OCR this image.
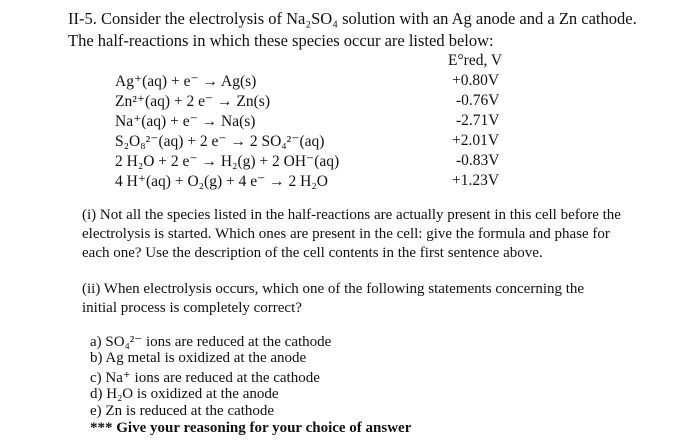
II-5. Consider the electrolysis of Na₂SO₄ solution with an Ag anode and a Zn cathode.
The half-reactions in which these species occur are listed below:
E°red, V
Ag⁺(aq) + e⁻ → Ag(s)	+0.80V
Zn²⁺(aq) + 2 e⁻ → Zn(s)	-0.76V
Na⁺(aq) + e⁻ → Na(s)	-2.71V
S₂O₈²⁻(aq) + 2 e⁻ → 2 SO₄²⁻(aq)	+2.01V
2 H₂O + 2 e⁻ → H₂(g) + 2 OH⁻(aq)	-0.83V
4 H⁺(aq) + O₂(g) + 4 e⁻ → 2 H₂O	+1.23V
(i) Not all the species listed in the half-reactions are actually present in this cell before the
electrolysis is started. Which ones are present in the cell: give the formula and phase for
each one? Use the description of the cell contents in the first sentence above.
(ii) When electrolysis occurs, which one of the following statements concerning the
initial process is completely correct?
a) SO₄²⁻ ions are reduced at the cathode
b) Ag metal is oxidized at the anode
c) Na⁺ ions are reduced at the cathode
d) H₂O is oxidized at the anode
e) Zn is reduced at the cathode
*** Give your reasoning for your choice of answer
